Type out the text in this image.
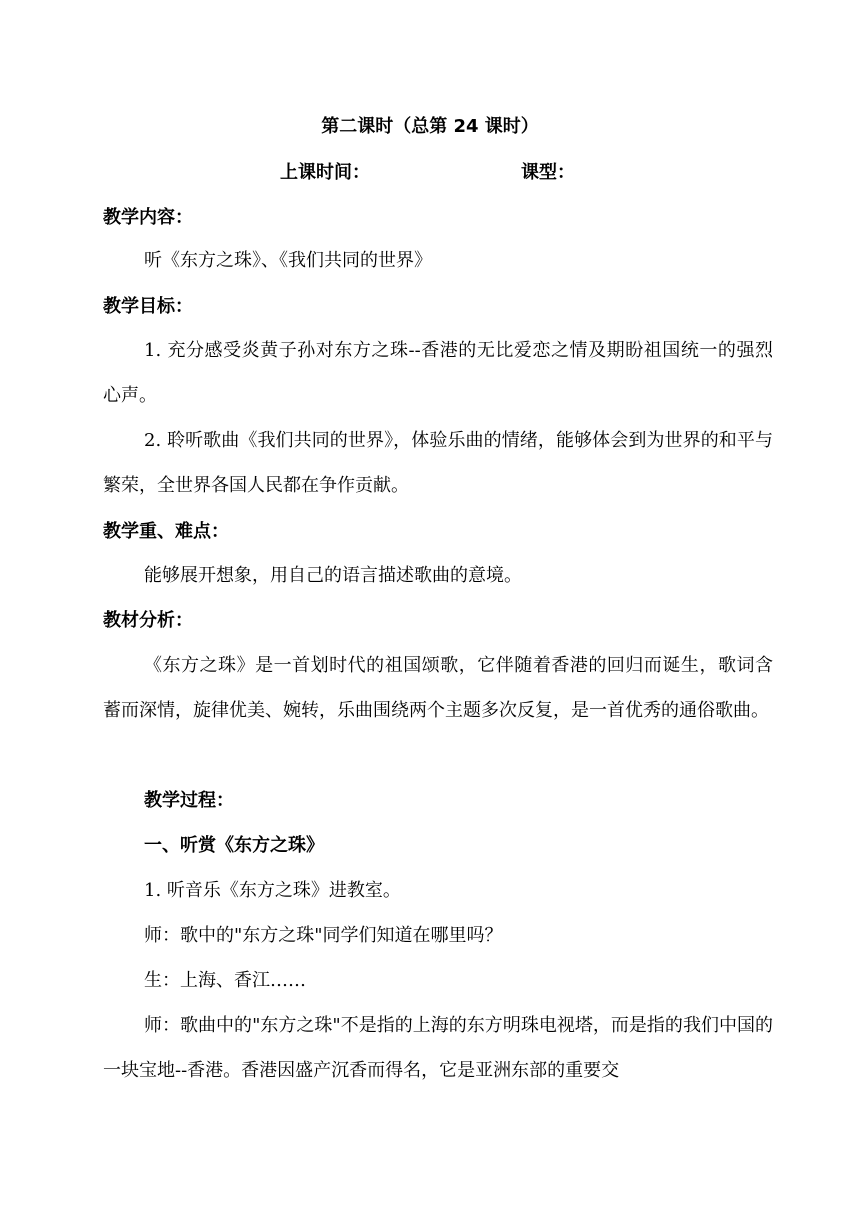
第二课时（总第 24 课时）
上课时间：	课型：
教学内容：
听《东方之珠》、《我们共同的世界》
教学目标：
1. 充分感受炎黄子孙对东方之珠--香港的无比爱恋之情及期盼祖国统一的强烈心声。
2. 聆听歌曲《我们共同的世界》，体验乐曲的情绪，能够体会到为世界的和平与繁荣，全世界各国人民都在争作贡献。
教学重、难点：
能够展开想象，用自己的语言描述歌曲的意境。
教材分析：
《东方之珠》是一首划时代的祖国颂歌，它伴随着香港的回归而诞生，歌词含蓄而深情，旋律优美、婉转，乐曲围绕两个主题多次反复，是一首优秀的通俗歌曲。
教学过程：
一、听赏《东方之珠》
1. 听音乐《东方之珠》进教室。
师：歌中的"东方之珠"同学们知道在哪里吗？
生：上海、香江……
师：歌曲中的"东方之珠"不是指的上海的东方明珠电视塔，而是指的我们中国的一块宝地--香港。香港因盛产沉香而得名，它是亚洲东部的重要交
